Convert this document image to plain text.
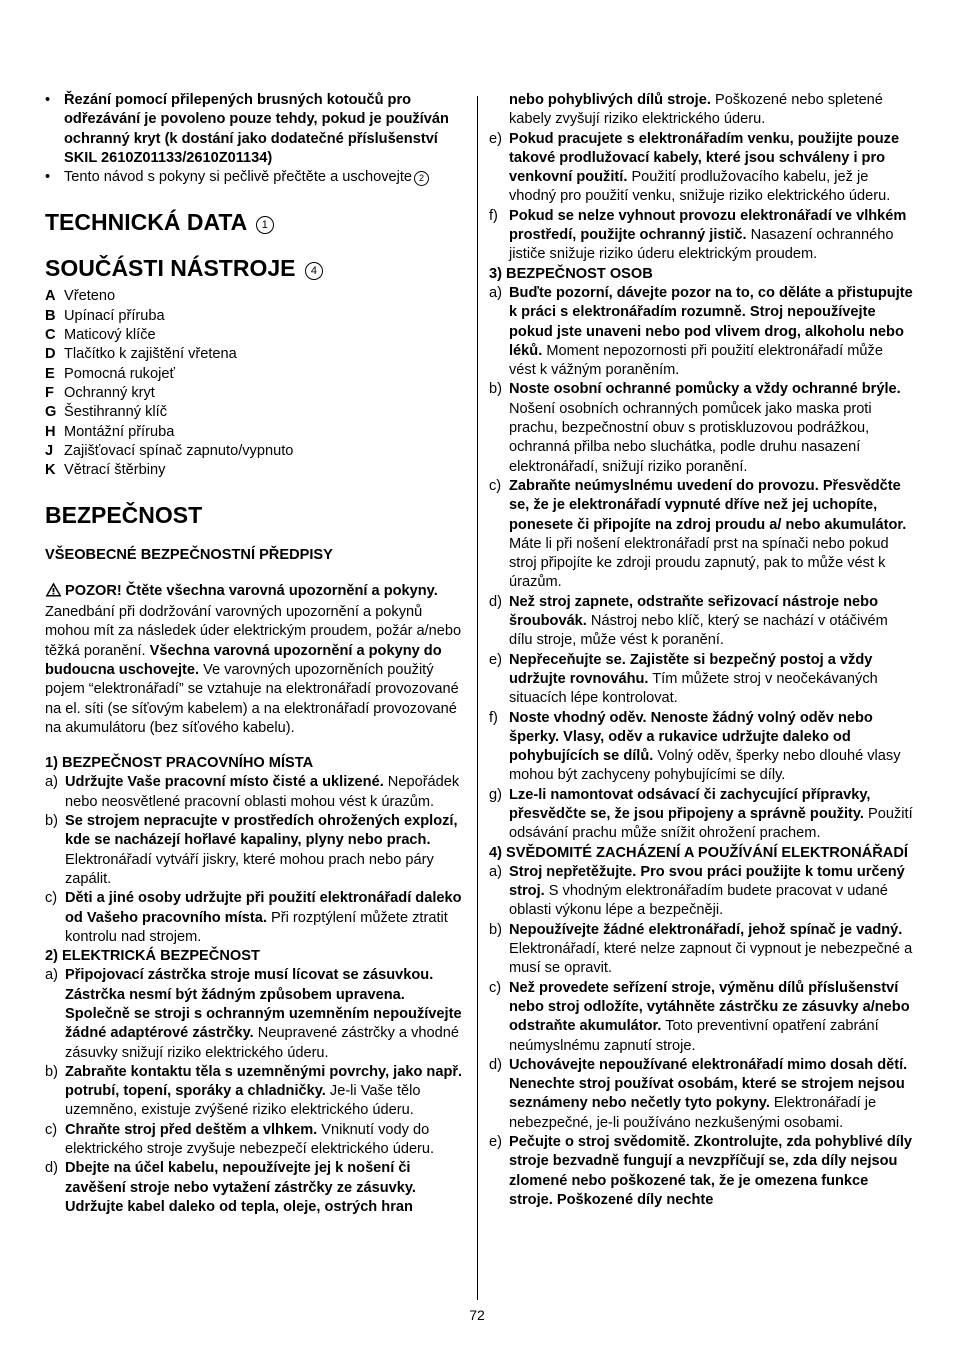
• Řezání pomocí přilepených brusných kotoučů pro odřezávání je povoleno pouze tehdy, pokud je používán ochranný kryt (k dostání jako dodatečné příslušenství SKIL 2610Z01133/2610Z01134)
• Tento návod s pokyny si pečlivě přečtěte a uschovejte 2
TECHNICKÁ DATA 1
SOUČÁSTI NÁSTROJE 4
A Vřeteno
B Upínací příruba
C Maticový klíče
D Tlačítko k zajištění vřetena
E Pomocná rukojeť
F Ochranný kryt
G Šestihranný klíč
H Montážní příruba
J Zajišťovací spínač zapnuto/vypnuto
K Větrací štěrbiny
BEZPEČNOST

VŠEOBECNÉ BEZPEČNOSTNÍ PŘEDPISY

POZOR! Čtěte všechna varovná upozornění a pokyny. Zanedbání při dodržování varovných upozornění a pokynů mohou mít za následek úder elektrickým proudem, požár a/nebo těžká poranění. Všechna varovná upozornění a pokyny do budoucna uschovejte. Ve varovných upozorněních použitý pojem “elektronářadí” se vztahuje na elektronářadí provozované na el. síti (se síťovým kabelem) a na elektronářadí provozované na akumulátoru (bez síťového kabelu).

1) BEZPEČNOST PRACOVNÍHO MÍSTA

a) Udržujte Vaše pracovní místo čisté a uklizené. Nepořádek nebo neosvětlené pracovní oblasti mohou vést k úrazům.
b) Se strojem nepracujte v prostředích ohrožených explozí, kde se nacházejí hořlavé kapaliny, plyny nebo prach. Elektronářadí vytváří jiskry, které mohou prach nebo páry zapálit.
c) Děti a jiné osoby udržujte při použití elektronářadí daleko od Vašeho pracovního místa. Při rozptýlení můžete ztratit kontrolu nad strojem.

2) ELEKTRICKÁ BEZPEČNOST

a) Připojovací zástrčka stroje musí lícovat se zásuvkou. Zástrčka nesmí být žádným způsobem upravena. Společně se stroji s ochranným uzemněním nepoužívejte žádné adaptérové zástrčky. Neupravené zástrčky a vhodné zásuvky snižují riziko elektrického úderu.
b) Zabraňte kontaktu těla s uzemněnými povrchy, jako např. potrubí, topení, sporáky a chladničky. Je-li Vaše tělo uzemněno, existuje zvýšené riziko elektrického úderu.
c) Chraňte stroj před deštěm a vlhkem. Vniknutí vody do elektrického stroje zvyšuje nebezpečí elektrického úderu.
d) Dbejte na účel kabelu, nepoužívejte jej k nošení či zavěšení stroje nebo vytažení zástrčky ze zásuvky. Udržujte kabel daleko od tepla, oleje, ostrých hran
nebo pohyblivých dílů stroje. Poškozené nebo spletené kabely zvyšují riziko elektrického úderu.
e) Pokud pracujete s elektronářadím venku, použijte pouze takové prodlužovací kabely, které jsou schváleny i pro venkovní použití. Použití prodlužovacího kabelu, jež je vhodný pro použití venku, snižuje riziko elektrického úderu.
f) Pokud se nelze vyhnout provozu elektronářadí ve vlhkém prostředí, použijte ochranný jistič. Nasazení ochranného jističe snižuje riziko úderu elektrickým proudem.

3) BEZPEČNOST OSOB

a) Buďte pozorní, dávejte pozor na to, co děláte a přistupujte k práci s elektronářadím rozumně. Stroj nepoužívejte pokud jste unaveni nebo pod vlivem drog, alkoholu nebo léků. Moment nepozornosti při použití elektronářadí může vést k vážným poraněním.
b) Noste osobní ochranné pomůcky a vždy ochranné brýle. Nošení osobních ochranných pomůcek jako maska proti prachu, bezpečnostní obuv s protiskluzovou podrážkou, ochranná přilba nebo sluchátka, podle druhu nasazení elektronářadí, snižují riziko poranění.
c) Zabraňte neúmyslnému uvedení do provozu. Přesvědčte se, že je elektronářadí vypnuté dříve než jej uchopíte, ponesete či připojíte na zdroj proudu a/ nebo akumulátor. Máte li při nošení elektronářadí prst na spínači nebo pokud stroj připojíte ke zdroji proudu zapnutý, pak to může vést k úrazům.
d) Než stroj zapnete, odstraňte seřizovací nástroje nebo šroubovák. Nástroj nebo klíč, který se nachází v otáčivém dílu stroje, může vést k poranění.
e) Nepřeceňujte se. Zajistěte si bezpečný postoj a vždy udržujte rovnováhu. Tím můžete stroj v neočekávaných situacích lépe kontrolovat.
f) Noste vhodný oděv. Nenoste žádný volný oděv nebo šperky. Vlasy, oděv a rukavice udržujte daleko od pohybujících se dílů. Volný oděv, šperky nebo dlouhé vlasy mohou být zachyceny pohybujícími se díly.
g) Lze-li namontovat odsávací či zachycující přípravky, přesvědčte se, že jsou připojeny a správně použity. Použití odsávání prachu může snížit ohrožení prachem.

4) SVĚDOMITÉ ZACHÁZENÍ A POUŽÍVÁNÍ ELEKTRONÁŘADÍ

a) Stroj nepřetěžujte. Pro svou práci použijte k tomu určený stroj. S vhodným elektronářadím budete pracovat v udané oblasti výkonu lépe a bezpečněji.
b) Nepoužívejte žádné elektronářadí, jehož spínač je vadný. Elektronářadí, které nelze zapnout či vypnout je nebezpečné a musí se opravit.
c) Než provedete seřízení stroje, výměnu dílů příslušenství nebo stroj odložíte, vytáhněte zástrčku ze zásuvky a/nebo odstraňte akumulátor. Toto preventivní opatření zabrání neúmyslnému zapnutí stroje.
d) Uchovávejte nepoužívané elektronářadí mimo dosah dětí. Nenechte stroj používat osobám, které se strojem nejsou seznámeny nebo nečetly tyto pokyny. Elektronářadí je nebezpečné, je-li používáno nezkušenými osobami.
e) Pečujte o stroj svědomitě. Zkontrolujte, zda pohyblivé díly stroje bezvadně fungují a nevzpříčují se, zda díly nejsou zlomené nebo poškozené tak, že je omezena funkce stroje. Poškozené díly nechte
72
